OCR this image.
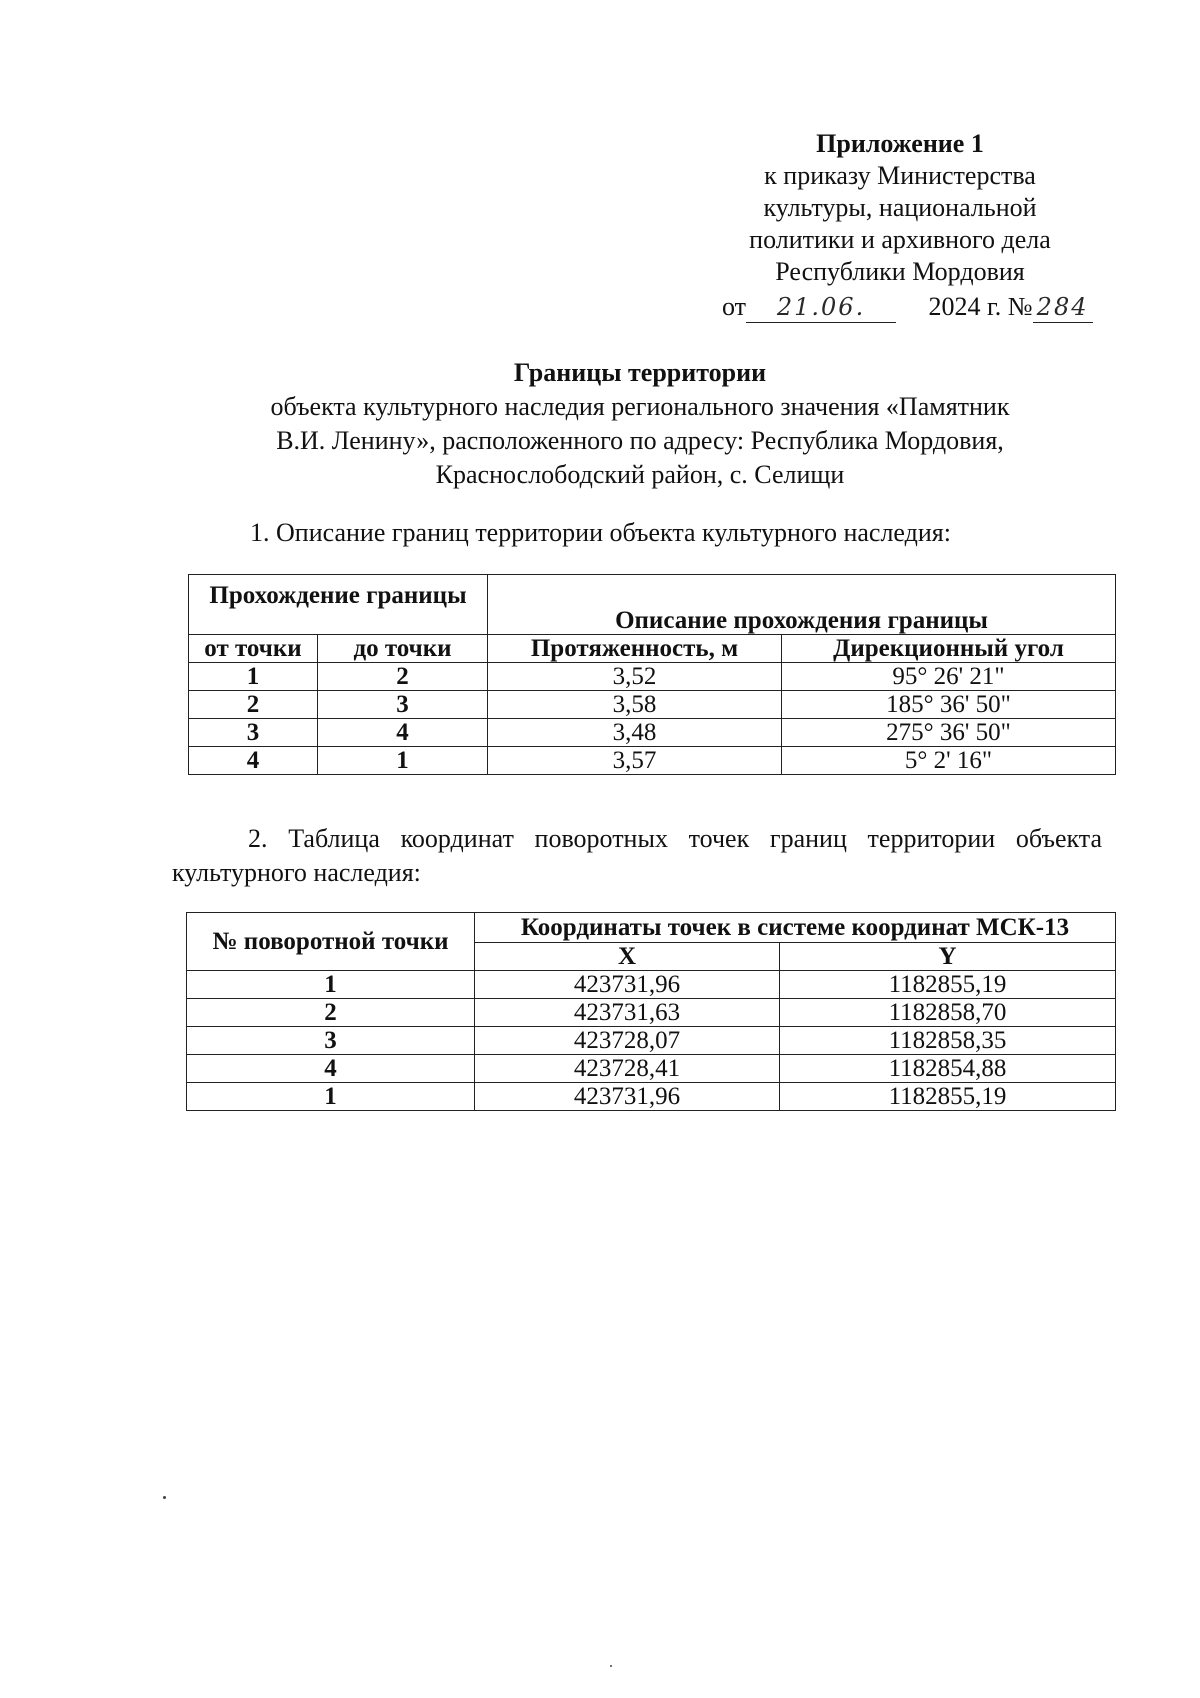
Приложение 1
к приказу Министерства
культуры, национальной
политики и архивного дела
Республики Мордовия
от 21.06. 2024 г. № 284
Границы территории
объекта культурного наследия регионального значения «Памятник
В.И. Ленину», расположенного по адресу: Республика Мордовия,
Краснослободский район, с. Селищи
1. Описание границ территории объекта культурного наследия:
Прохождение границы		Описание прохождения границы	
от точки	до точки	Протяженность, м	Дирекционный угол
1	2	3,52	95° 26' 21"
2	3	3,58	185° 36' 50"
3	4	3,48	275° 36' 50"
4	1	3,57	5° 2' 16"
2. Таблица координат поворотных точек границ территории объекта культурного наследия:
№ поворотной точки	Координаты точек в системе координат МСК-13	
	X	Y
1	423731,96	1182855,19
2	423731,63	1182858,70
3	423728,07	1182858,35
4	423728,41	1182854,88
1	423731,96	1182855,19
